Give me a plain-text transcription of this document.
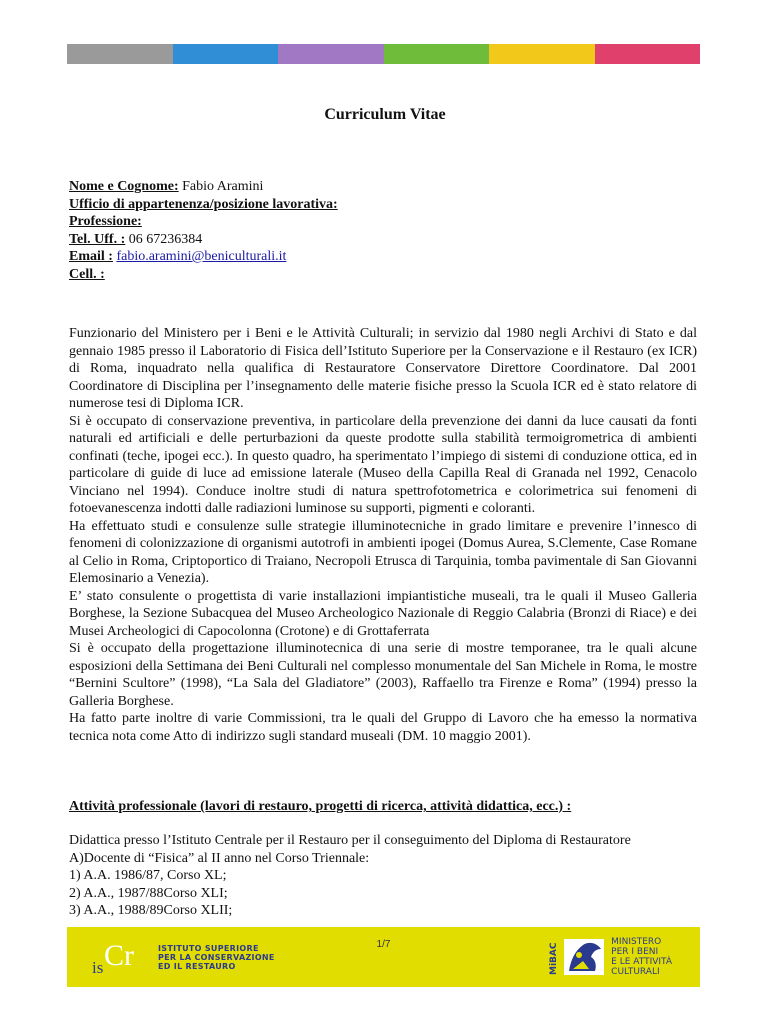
Curriculum Vitae
Nome e Cognome: Fabio Aramini
Ufficio di appartenenza/posizione lavorativa:
Professione:
Tel. Uff. : 06 67236384
Email : fabio.aramini@beniculturali.it
Cell. :

Funzionario del Ministero per i Beni e le Attività Culturali; in servizio dal 1980 negli Archivi di Stato e dal gennaio 1985 presso il Laboratorio di Fisica dell’Istituto Superiore per la Conservazione e il Restauro (ex ICR) di Roma, inquadrato nella qualifica di Restauratore Conservatore Direttore Coordinatore. Dal 2001 Coordinatore di Disciplina per l’insegnamento delle materie fisiche presso la Scuola ICR ed è stato relatore di numerose tesi di Diploma ICR.

Si è occupato di conservazione preventiva, in particolare della prevenzione dei danni da luce causati da fonti naturali ed artificiali e delle perturbazioni da queste prodotte sulla stabilità termoigrometrica di ambienti confinati (teche, ipogei ecc.). In questo quadro, ha sperimentato l’impiego di sistemi di conduzione ottica, ed in particolare di guide di luce ad emissione laterale (Museo della Capilla Real di Granada nel 1992, Cenacolo Vinciano nel 1994). Conduce inoltre studi di natura spettrofotometrica e colorimetrica sui fenomeni di fotoevanescenza indotti dalle radiazioni luminose su supporti, pigmenti e coloranti.

Ha effettuato studi e consulenze sulle strategie illuminotecniche in grado limitare e prevenire l’innesco di fenomeni di colonizzazione di organismi autotrofi in ambienti ipogei (Domus Aurea, S.Clemente, Case Romane al Celio in Roma, Criptoportico di Traiano, Necropoli Etrusca di Tarquinia, tomba pavimentale di San Giovanni Elemosinario a Venezia).

E’ stato consulente o progettista di varie installazioni impiantistiche museali, tra le quali il Museo Galleria Borghese, la Sezione Subacquea del Museo Archeologico Nazionale di Reggio Calabria (Bronzi di Riace) e dei Musei Archeologici di Capocolonna (Crotone) e di Grottaferrata

Si è occupato della progettazione illuminotecnica di una serie di mostre temporanee, tra le quali alcune esposizioni della Settimana dei Beni Culturali nel complesso monumentale del San Michele in Roma, le mostre “Bernini Scultore” (1998), “La Sala del Gladiatore” (2003), Raffaello tra Firenze e Roma” (1994) presso la Galleria Borghese.

Ha fatto parte inoltre di varie Commissioni, tra le quali del Gruppo di Lavoro che ha emesso la normativa tecnica nota come Atto di indirizzo sugli standard museali (DM. 10 maggio 2001).

Attività professionale (lavori di restauro, progetti di ricerca, attività didattica, ecc.) :
Didattica presso l’Istituto Centrale per il Restauro per il conseguimento del Diploma di Restauratore
A)Docente di “Fisica” al II anno nel Corso Triennale:
1) A.A. 1986/87, Corso XL;
2) A.A., 1987/88Corso XLI;
3) A.A., 1988/89Corso XLII;
is Cr	ISTITUTO SUPERIORE
PER LA CONSERVAZIONE
ED IL RESTAURO
1/7	MiBAC
MINISTERO
PER I BENI
E LE ATTIVITÀ
CULTURALI
